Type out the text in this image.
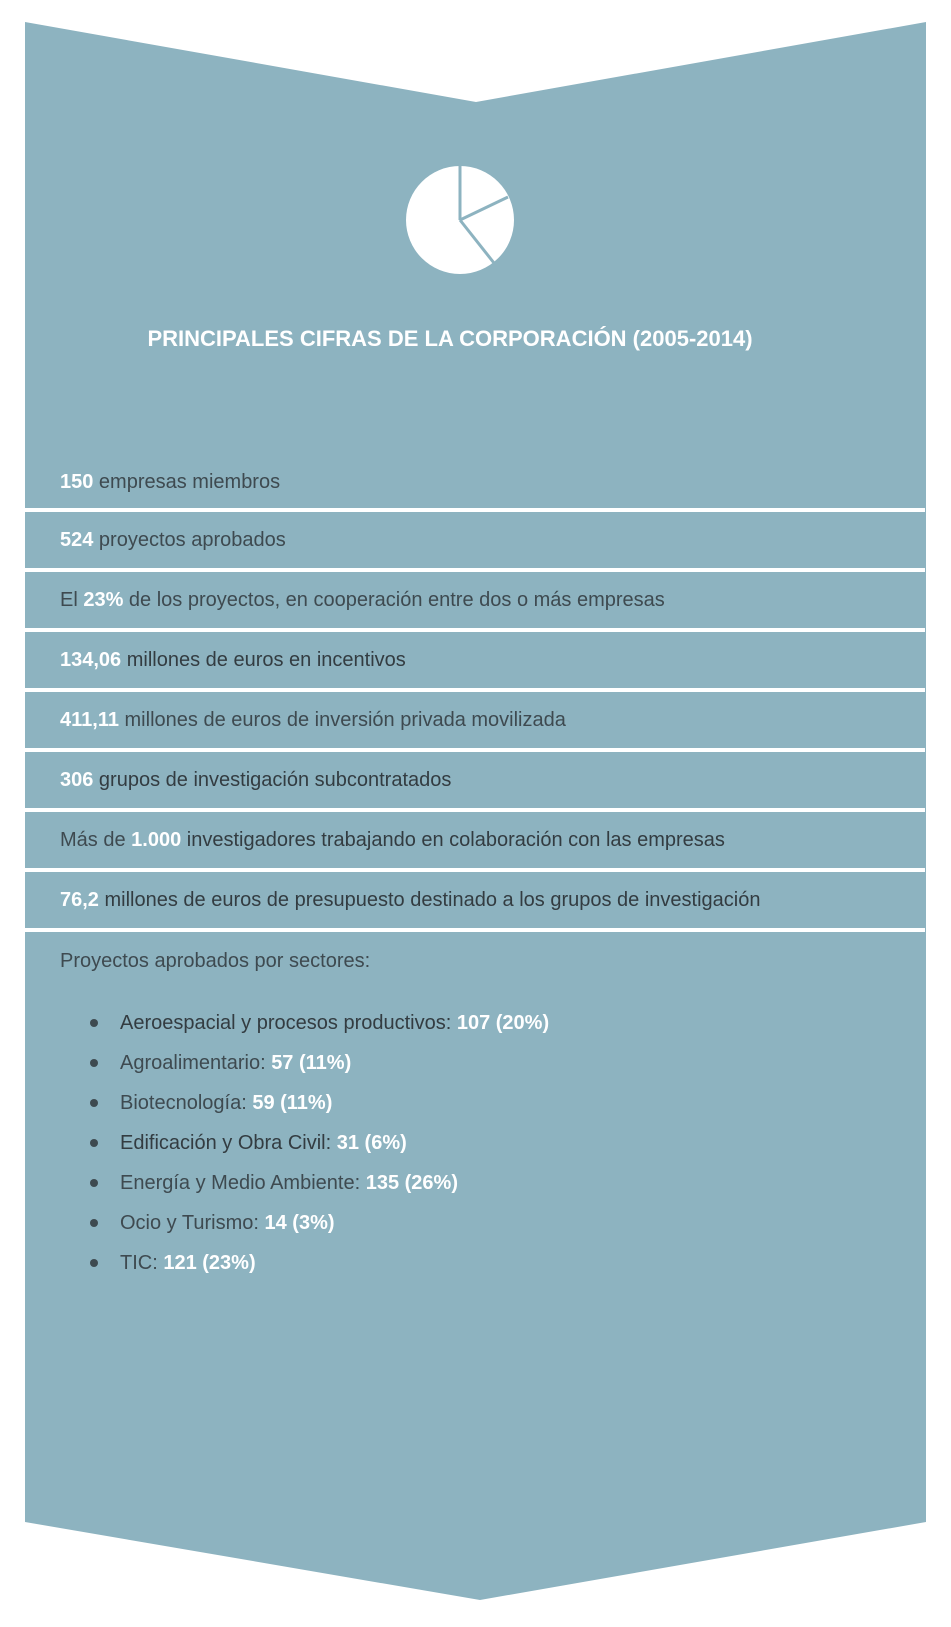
PRINCIPALES CIFRAS DE LA CORPORACIÓN (2005-2014)
150 empresas miembros
524 proyectos aprobados
El 23% de los proyectos, en cooperación entre dos o más empresas
134,06 millones de euros en incentivos
411,11 millones de euros de inversión privada movilizada
306 grupos de investigación subcontratados
Más de 1.000 investigadores trabajando en colaboración con las empresas
76,2 millones de euros de presupuesto destinado a los grupos de investigación
Proyectos aprobados por sectores:
Aeroespacial y procesos productivos: 107 (20%)
Agroalimentario: 57 (11%)
Biotecnología: 59 (11%)
Edificación y Obra Civil: 31 (6%)
Energía y Medio Ambiente: 135 (26%)
Ocio y Turismo: 14 (3%)
TIC: 121 (23%)
